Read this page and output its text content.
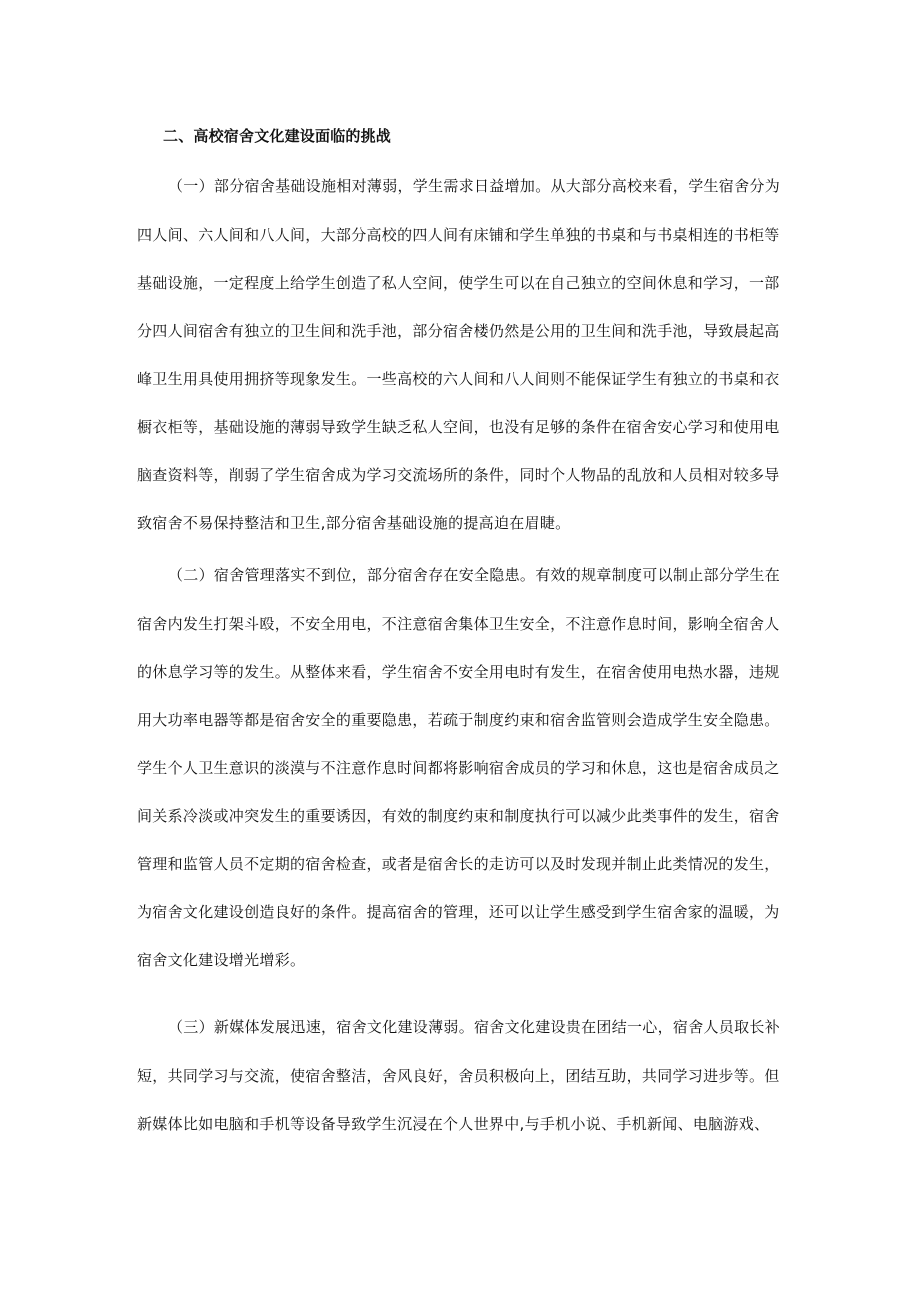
二、高校宿舍文化建设面临的挑战
（一）部分宿舍基础设施相对薄弱，学生需求日益增加。从大部分高校来看，学生宿舍分为
四人间、六人间和八人间，大部分高校的四人间有床铺和学生单独的书桌和与书桌相连的书柜等
基础设施，一定程度上给学生创造了私人空间，使学生可以在自己独立的空间休息和学习，一部
分四人间宿舍有独立的卫生间和洗手池，部分宿舍楼仍然是公用的卫生间和洗手池，导致晨起高
峰卫生用具使用拥挤等现象发生。一些高校的六人间和八人间则不能保证学生有独立的书桌和衣
橱衣柜等，基础设施的薄弱导致学生缺乏私人空间，也没有足够的条件在宿舍安心学习和使用电
脑查资料等，削弱了学生宿舍成为学习交流场所的条件，同时个人物品的乱放和人员相对较多导
致宿舍不易保持整洁和卫生,部分宿舍基础设施的提高迫在眉睫。
（二）宿舍管理落实不到位，部分宿舍存在安全隐患。有效的规章制度可以制止部分学生在
宿舍内发生打架斗殴，不安全用电，不注意宿舍集体卫生安全，不注意作息时间，影响全宿舍人
的休息学习等的发生。从整体来看，学生宿舍不安全用电时有发生，在宿舍使用电热水器，违规
用大功率电器等都是宿舍安全的重要隐患，若疏于制度约束和宿舍监管则会造成学生安全隐患。
学生个人卫生意识的淡漠与不注意作息时间都将影响宿舍成员的学习和休息，这也是宿舍成员之
间关系冷淡或冲突发生的重要诱因，有效的制度约束和制度执行可以减少此类事件的发生，宿舍
管理和监管人员不定期的宿舍检查，或者是宿舍长的走访可以及时发现并制止此类情况的发生，
为宿舍文化建设创造良好的条件。提高宿舍的管理，还可以让学生感受到学生宿舍家的温暖，为
宿舍文化建设增光增彩。
（三）新媒体发展迅速，宿舍文化建设薄弱。宿舍文化建设贵在团结一心，宿舍人员取长补
短，共同学习与交流，使宿舍整洁，舍风良好，舍员积极向上，团结互助，共同学习进步等。但
新媒体比如电脑和手机等设备导致学生沉浸在个人世界中,与手机小说、手机新闻、电脑游戏、
